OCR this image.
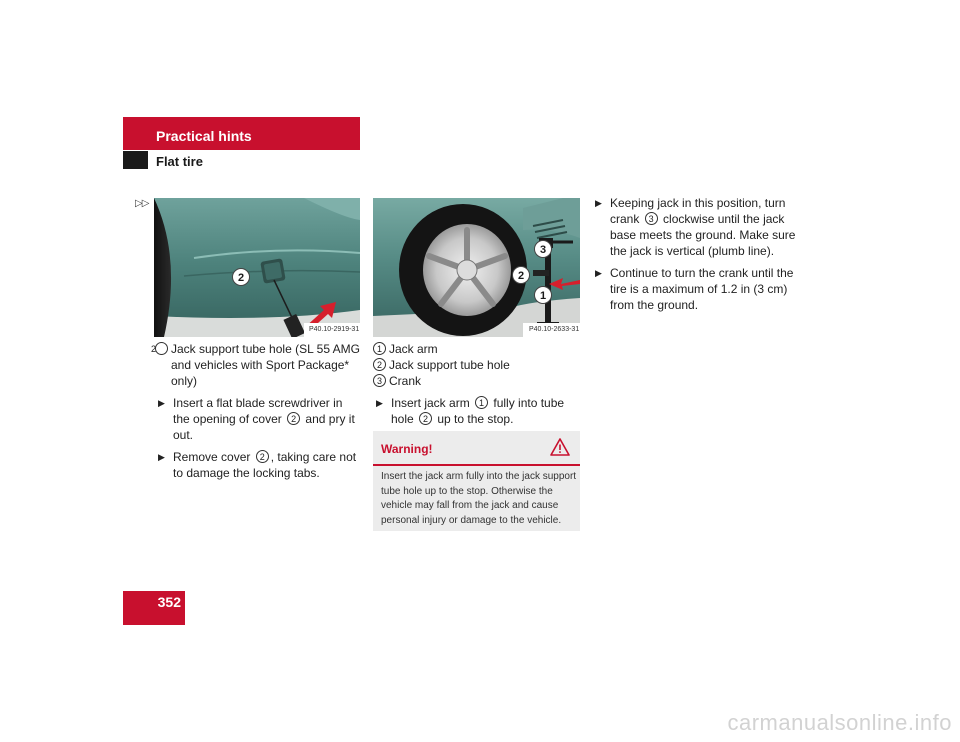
Practical hints
Flat tire
▷▷
P40.10-2919-31
2
P40.10-2633-31
3
2
1

2 Jack support tube hole (SL 55 AMG and vehicles with Sport Package* only)

▶ Insert a flat blade screwdriver in the opening of cover 2 and pry it out.

▶ Remove cover 2 , taking care not to damage the locking tabs.

1 Jack arm

2 Jack support tube hole

3 Crank

▶ Insert jack arm 1 fully into tube hole 2 up to the stop.

Warning!
Insert the jack arm fully into the jack support tube hole up to the stop. Otherwise the vehicle may fall from the jack and cause personal injury or damage to the vehicle.

▶ Keeping jack in this position, turn crank 3 clockwise until the jack base meets the ground. Make sure the jack is vertical (plumb line).

▶ Continue to turn the crank until the tire is a maximum of 1.2 in (3 cm) from the ground.

352
carmanualsonline.info
